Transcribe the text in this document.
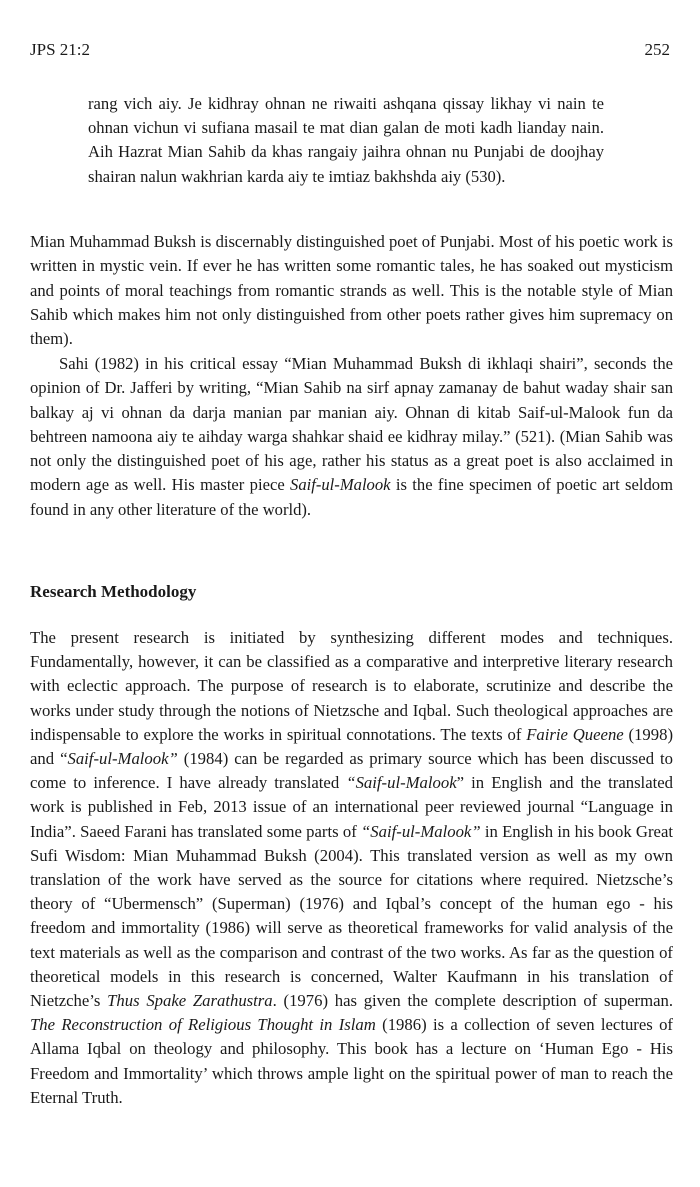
JPS 21:2	252
rang vich aiy. Je kidhray ohnan ne riwaiti ashqana qissay likhay vi nain te ohnan vichun vi sufiana masail te mat dian galan de moti kadh lianday nain. Aih Hazrat Mian Sahib da khas rangaiy jaihra ohnan nu Punjabi de doojhay shairan nalun wakhrian karda aiy te imtiaz bakhshda aiy (530).

Mian Muhammad Buksh is discernably distinguished poet of Punjabi. Most of his poetic work is written in mystic vein. If ever he has written some romantic tales, he has soaked out mysticism and points of moral teachings from romantic strands as well. This is the notable style of Mian Sahib which makes him not only distinguished from other poets rather gives him supremacy on them).

Sahi (1982) in his critical essay “Mian Muhammad Buksh di ikhlaqi shairi”, seconds the opinion of Dr. Jafferi by writing, “Mian Sahib na sirf apnay zamanay de bahut waday shair san balkay aj vi ohnan da darja manian par manian aiy. Ohnan di kitab Saif-ul-Malook fun da behtreen namoona aiy te aihday warga shahkar shaid ee kidhray milay.” (521). (Mian Sahib was not only the distinguished poet of his age, rather his status as a great poet is also acclaimed in modern age as well. His master piece Saif-ul-Malook is the fine specimen of poetic art seldom found in any other literature of the world).

Research Methodology

The present research is initiated by synthesizing different modes and techniques. Fundamentally, however, it can be classified as a comparative and interpretive literary research with eclectic approach. The purpose of research is to elaborate, scrutinize and describe the works under study through the notions of Nietzsche and Iqbal. Such theological approaches are indispensable to explore the works in spiritual connotations. The texts of Fairie Queene (1998) and “Saif-ul-Malook” (1984) can be regarded as primary source which has been discussed to come to inference. I have already translated “Saif-ul-Malook” in English and the translated work is published in Feb, 2013 issue of an international peer reviewed journal “Language in India”. Saeed Farani has translated some parts of “Saif-ul-Malook” in English in his book Great Sufi Wisdom: Mian Muhammad Buksh (2004). This translated version as well as my own translation of the work have served as the source for citations where required. Nietzsche’s theory of “Ubermensch” (Superman) (1976) and Iqbal’s concept of the human ego - his freedom and immortality (1986) will serve as theoretical frameworks for valid analysis of the text materials as well as the comparison and contrast of the two works. As far as the question of theoretical models in this research is concerned, Walter Kaufmann in his translation of Nietzche’s Thus Spake Zarathustra. (1976) has given the complete description of superman. The Reconstruction of Religious Thought in Islam (1986) is a collection of seven lectures of Allama Iqbal on theology and philosophy. This book has a lecture on ‘Human Ego - His Freedom and Immortality’ which throws ample light on the spiritual power of man to reach the Eternal Truth.
